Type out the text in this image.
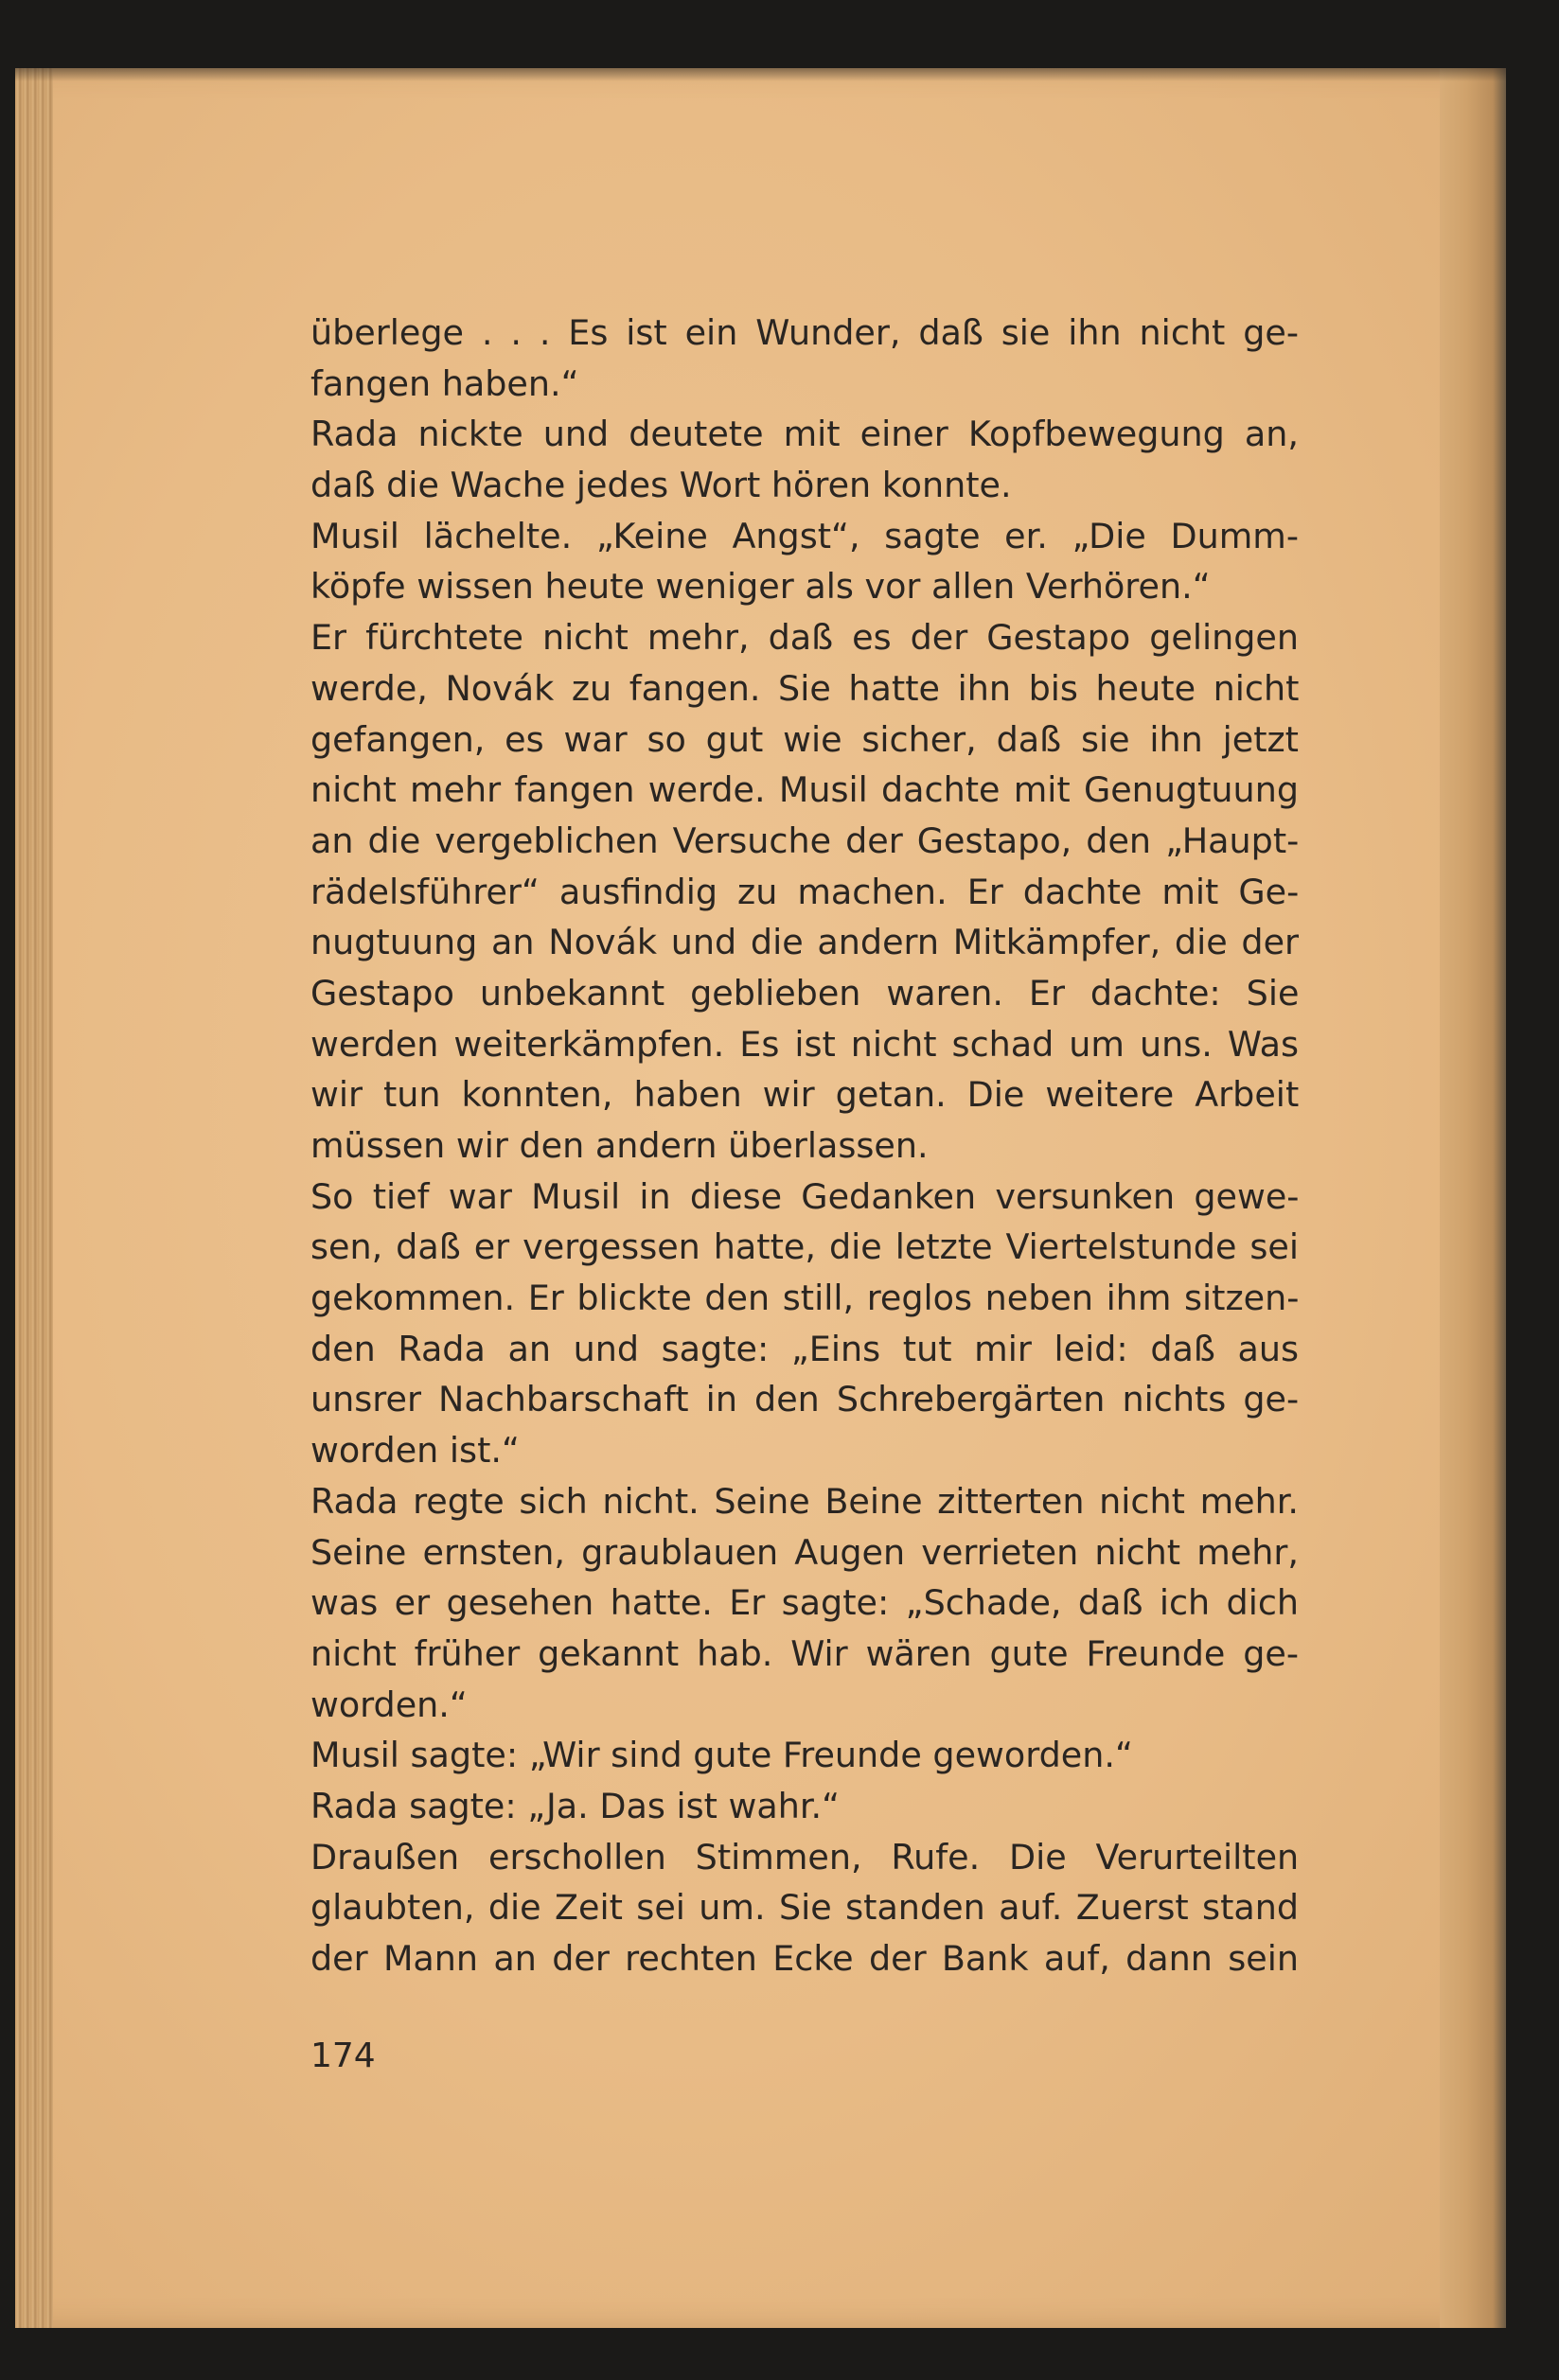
überlege . . . Es ist ein Wunder, daß sie ihn nicht ge-
fangen haben.“
Rada nickte und deutete mit einer Kopfbewegung an,
daß die Wache jedes Wort hören konnte.
Musil lächelte. „Keine Angst“, sagte er. „Die Dumm-
köpfe wissen heute weniger als vor allen Verhören.“
Er fürchtete nicht mehr, daß es der Gestapo gelingen
werde, Novák zu fangen. Sie hatte ihn bis heute nicht
gefangen, es war so gut wie sicher, daß sie ihn jetzt
nicht mehr fangen werde. Musil dachte mit Genugtuung
an die vergeblichen Versuche der Gestapo, den „Haupt-
rädelsführer“ ausfindig zu machen. Er dachte mit Ge-
nugtuung an Novák und die andern Mitkämpfer, die der
Gestapo unbekannt geblieben waren. Er dachte: Sie
werden weiterkämpfen. Es ist nicht schad um uns. Was
wir tun konnten, haben wir getan. Die weitere Arbeit
müssen wir den andern überlassen.
So tief war Musil in diese Gedanken versunken gewe-
sen, daß er vergessen hatte, die letzte Viertelstunde sei
gekommen. Er blickte den still, reglos neben ihm sitzen-
den Rada an und sagte: „Eins tut mir leid: daß aus
unsrer Nachbarschaft in den Schrebergärten nichts ge-
worden ist.“
Rada regte sich nicht. Seine Beine zitterten nicht mehr.
Seine ernsten, graublauen Augen verrieten nicht mehr,
was er gesehen hatte. Er sagte: „Schade, daß ich dich
nicht früher gekannt hab. Wir wären gute Freunde ge-
worden.“
Musil sagte: „Wir sind gute Freunde geworden.“
Rada sagte: „Ja. Das ist wahr.“
Draußen erschollen Stimmen, Rufe. Die Verurteilten
glaubten, die Zeit sei um. Sie standen auf. Zuerst stand
der Mann an der rechten Ecke der Bank auf, dann sein
174
